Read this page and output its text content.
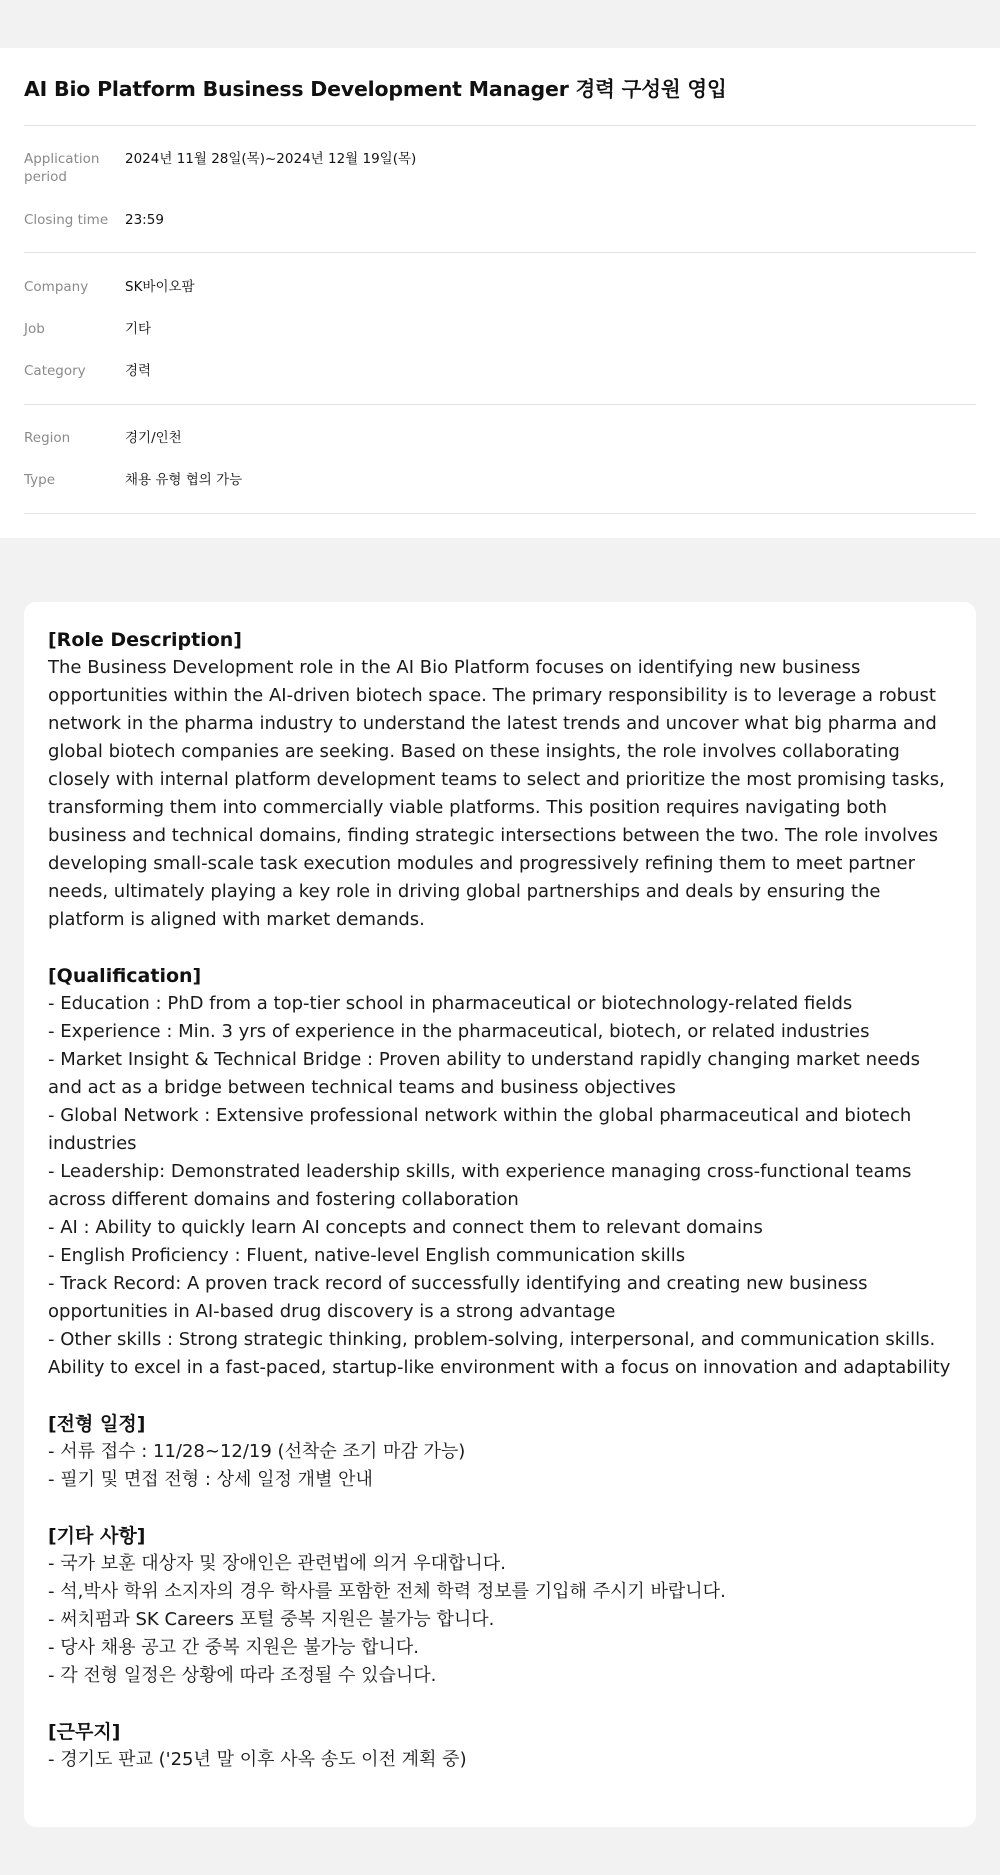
AI Bio Platform Business Development Manager 경력 구성원 영입
Application period
2024년 11월 28일(목)~2024년 12월 19일(목)
Closing time	23:59
Company	SK바이오팜
Job	기타
Category	경력
Region	경기/인천
Type	채용 유형 협의 가능

[Role Description]

The Business Development role in the AI Bio Platform focuses on identifying new business opportunities within the AI-driven biotech space. The primary responsibility is to leverage a robust network in the pharma industry to understand the latest trends and uncover what big pharma and global biotech companies are seeking. Based on these insights, the role involves collaborating closely with internal platform development teams to select and prioritize the most promising tasks, transforming them into commercially viable platforms. This position requires navigating both business and technical domains, finding strategic intersections between the two. The role involves developing small-scale task execution modules and progressively refining them to meet partner needs, ultimately playing a key role in driving global partnerships and deals by ensuring the platform is aligned with market demands.

[Qualification]

- Education : PhD from a top-tier school in pharmaceutical or biotechnology-related fields
- Experience : Min. 3 yrs of experience in the pharmaceutical, biotech, or related industries
- Market Insight & Technical Bridge : Proven ability to understand rapidly changing market needs and act as a bridge between technical teams and business objectives
- Global Network : Extensive professional network within the global pharmaceutical and biotech industries
- Leadership: Demonstrated leadership skills, with experience managing cross-functional teams across different domains and fostering collaboration
- AI : Ability to quickly learn AI concepts and connect them to relevant domains
- English Proficiency : Fluent, native-level English communication skills
- Track Record: A proven track record of successfully identifying and creating new business opportunities in AI-based drug discovery is a strong advantage
- Other skills : Strong strategic thinking, problem-solving, interpersonal, and communication skills. Ability to excel in a fast-paced, startup-like environment with a focus on innovation and adaptability

[전형 일정]

- 서류 접수 : 11/28~12/19 (선착순 조기 마감 가능)
- 필기 및 면접 전형 : 상세 일정 개별 안내

[기타 사항]

- 국가 보훈 대상자 및 장애인은 관련법에 의거 우대합니다.
- 석,박사 학위 소지자의 경우 학사를 포함한 전체 학력 정보를 기입해 주시기 바랍니다.
- 써치펌과 SK Careers 포털 중복 지원은 불가능 합니다.
- 당사 채용 공고 간 중복 지원은 불가능 합니다.
- 각 전형 일정은 상황에 따라 조정될 수 있습니다.

[근무지]

- 경기도 판교 ('25년 말 이후 사옥 송도 이전 계획 중)
